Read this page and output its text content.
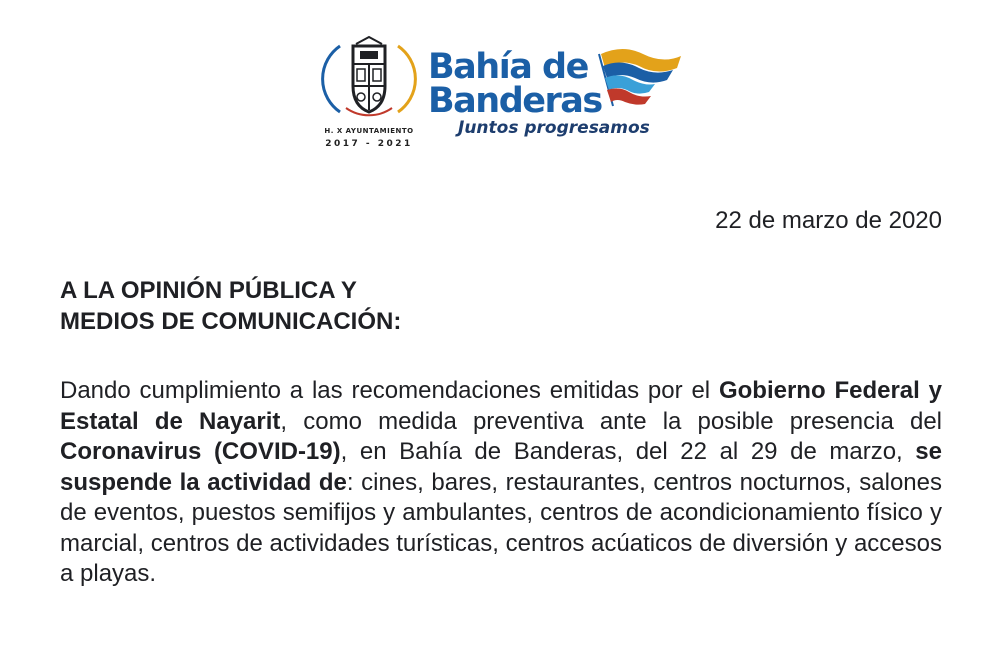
H. X AYUNTAMIENTO
2017 - 2021
Bahía de
Banderas
Juntos progresamos
22 de marzo de 2020
A LA OPINIÓN PÚBLICA Y
MEDIOS DE COMUNICACIÓN:
Dando cumplimiento a las recomendaciones emitidas por el Gobierno Federal y Estatal de Nayarit, como medida preventiva ante la posible presencia del Coronavirus (COVID-19), en Bahía de Banderas, del 22 al 29 de marzo, se suspende la actividad de: cines, bares, restaurantes, centros nocturnos, salones de eventos, puestos semifijos y ambulantes, centros de acondicionamiento físico y marcial, centros de actividades turísticas, centros acúaticos de diversión y accesos a playas.
